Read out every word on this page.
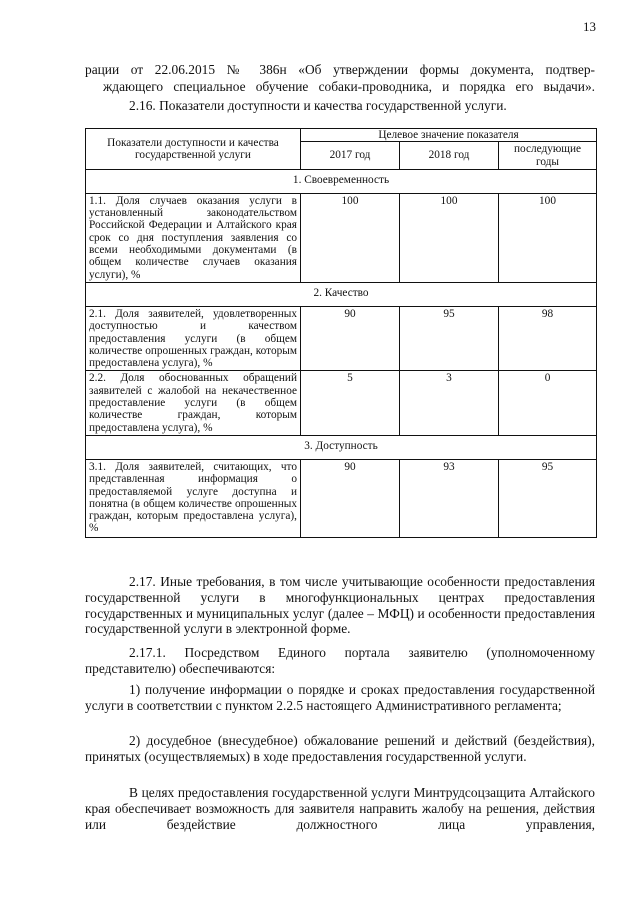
13

рации от 22.06.2015 № 386н «Об утверждении формы документа, подтвер-

ждающего специальное обучение собаки-проводника, и порядка его выдачи».

2.16. Показатели доступности и качества государственной услуги.

Показатели доступности и качества государственной услуги	Целевое значение показателя		
	2017 год	2018 год	последующие годы
1. Своевременность			
1.1. Доля случаев оказания услуги в установленный законодательством Российской Федерации и Алтайского края срок со дня поступления заявления со всеми необходимыми документами (в общем количестве случаев оказания услуги), %	100	100	100
2. Качество			
2.1. Доля заявителей, удовлетворенных доступностью и качеством предоставления услуги (в общем количестве опрошенных граждан, которым предоставлена услуга), %	90	95	98
2.2. Доля обоснованных обращений заявителей с жалобой на некачественное предоставление услуги (в общем количестве граждан, которым предоставлена услуга), %	5	3	0
3. Доступность			
3.1. Доля заявителей, считающих, что представленная информация о предоставляемой услуге доступна и понятна (в общем количестве опрошенных граждан, которым предоставлена услуга), %	90	93	95

2.17. Иные требования, в том числе учитывающие особенности предоставления государственной услуги в многофункциональных центрах предоставления государственных и муниципальных услуг (далее – МФЦ) и особенности предоставления государственной услуги в электронной форме.

2.17.1. Посредством Единого портала заявителю (уполномоченному представителю) обеспечиваются:

1) получение информации о порядке и сроках предоставления государственной услуги в соответствии с пунктом 2.2.5 настоящего Административного регламента;

2) досудебное (внесудебное) обжалование решений и действий (бездействия), принятых (осуществляемых) в ходе предоставления государственной услуги.

В целях предоставления государственной услуги Минтрудсоцзащита Алтайского края обеспечивает возможность для заявителя направить жалобу на решения, действия или бездействие должностного лица управления,
